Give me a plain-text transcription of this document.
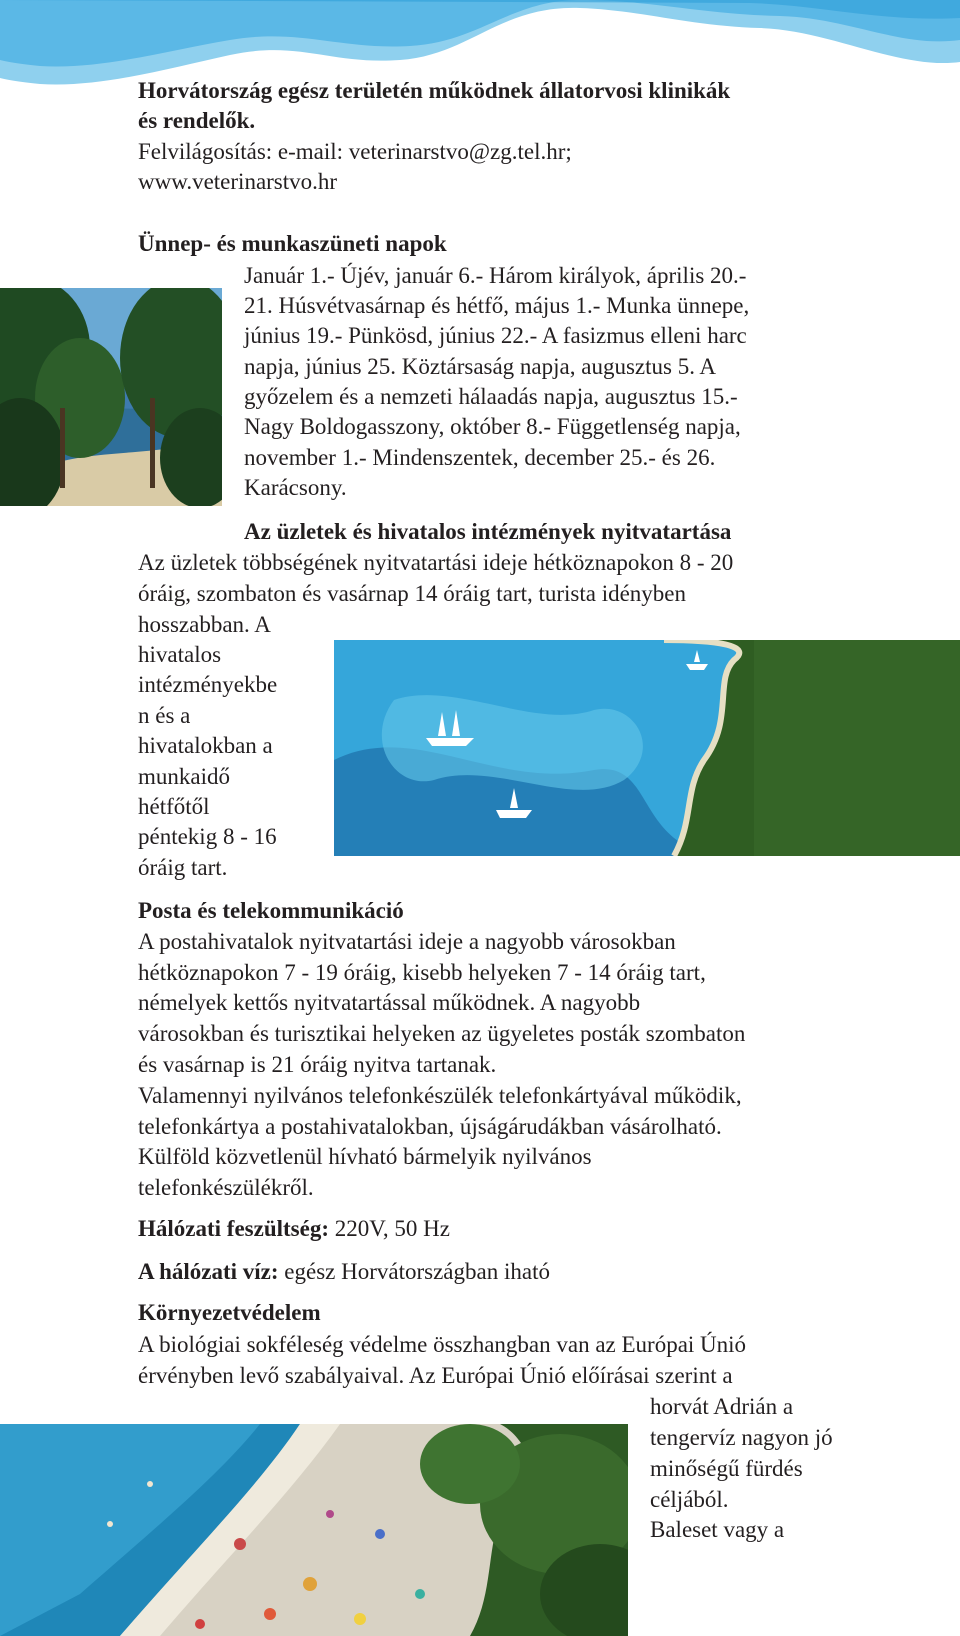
Horvátország egész területén működnek állatorvosi klinikák
és rendelők.
Felvilágosítás: e-mail: veterinarstvo@zg.tel.hr;
www.veterinarstvo.hr
Ünnep- és munkaszüneti napok
Január 1.- Újév, január 6.- Három királyok, április 20.-
21. Húsvétvasárnap és hétfő, május 1.- Munka ünnepe,
június 19.- Pünkösd, június 22.- A fasizmus elleni harc
napja, június 25. Köztársaság napja, augusztus 5. A
győzelem és a nemzeti hálaadás napja, augusztus 15.-
Nagy Boldogasszony, október 8.- Függetlenség napja,
november 1.- Mindenszentek, december 25.- és 26.
Karácsony.
Az üzletek és hivatalos intézmények nyitvatartása
Az üzletek többségének nyitvatartási ideje hétköznapokon 8 - 20
óráig, szombaton és vasárnap 14 óráig tart, turista idényben
hosszabban. A
hivatalos
intézményekbe
n és a
hivatalokban a
munkaidő
hétfőtől
péntekig 8 - 16
óráig tart.
Posta és telekommunikáció
A postahivatalok nyitvatartási ideje a nagyobb városokban
hétköznapokon 7 - 19 óráig, kisebb helyeken 7 - 14 óráig tart,
némelyek kettős nyitvatartással működnek. A nagyobb
városokban és turisztikai helyeken az ügyeletes posták szombaton
és vasárnap is 21 óráig nyitva tartanak.
Valamennyi nyilvános telefonkészülék telefonkártyával működik,
telefonkártya a postahivatalokban, újságárudákban vásárolható.
Külföld közvetlenül hívható bármelyik nyilvános
telefonkészülékről.
Hálózati feszültség: 220V, 50 Hz
A hálózati víz: egész Horvátországban iható
Környezetvédelem
A biológiai sokféleség védelme összhangban van az Európai Únió
érvényben levő szabályaival. Az Európai Únió előírásai szerint a
horvát Adrián a
tengervíz nagyon jó
minőségű fürdés
céljából.
Baleset vagy a
